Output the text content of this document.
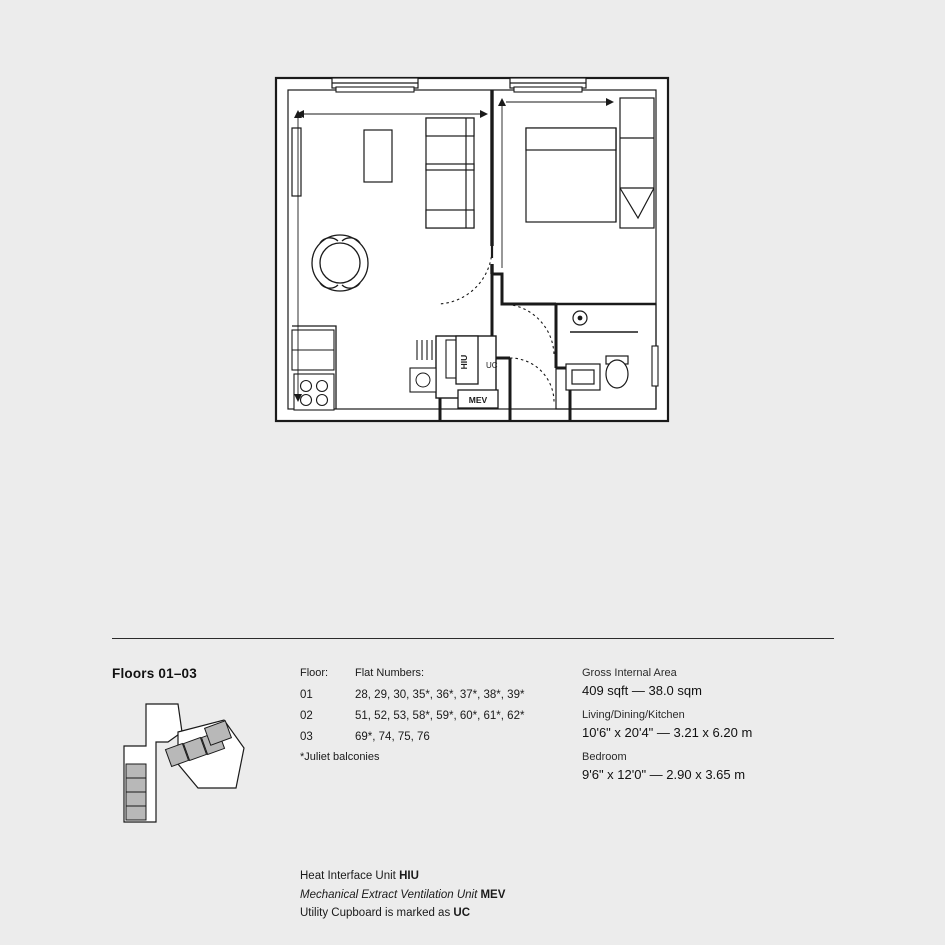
HIU UC
MEV
Floors 01–03	Floor:	Flat Numbers:
01	28, 29, 30, 35*, 36*, 37*, 38*, 39*
02	51, 52, 53, 58*, 59*, 60*, 61*, 62*
03	69*, 74, 75, 76
*Juliet balconies
Gross Internal Area
409 sqft — 38.0 sqm
Living/Dining/Kitchen
10'6" x 20'4" — 3.21 x 6.20 m
Bedroom
9'6" x 12'0" — 2.90 x 3.65 m
Heat Interface Unit HIU
Mechanical Extract Ventilation Unit MEV
Utility Cupboard is marked as UC
